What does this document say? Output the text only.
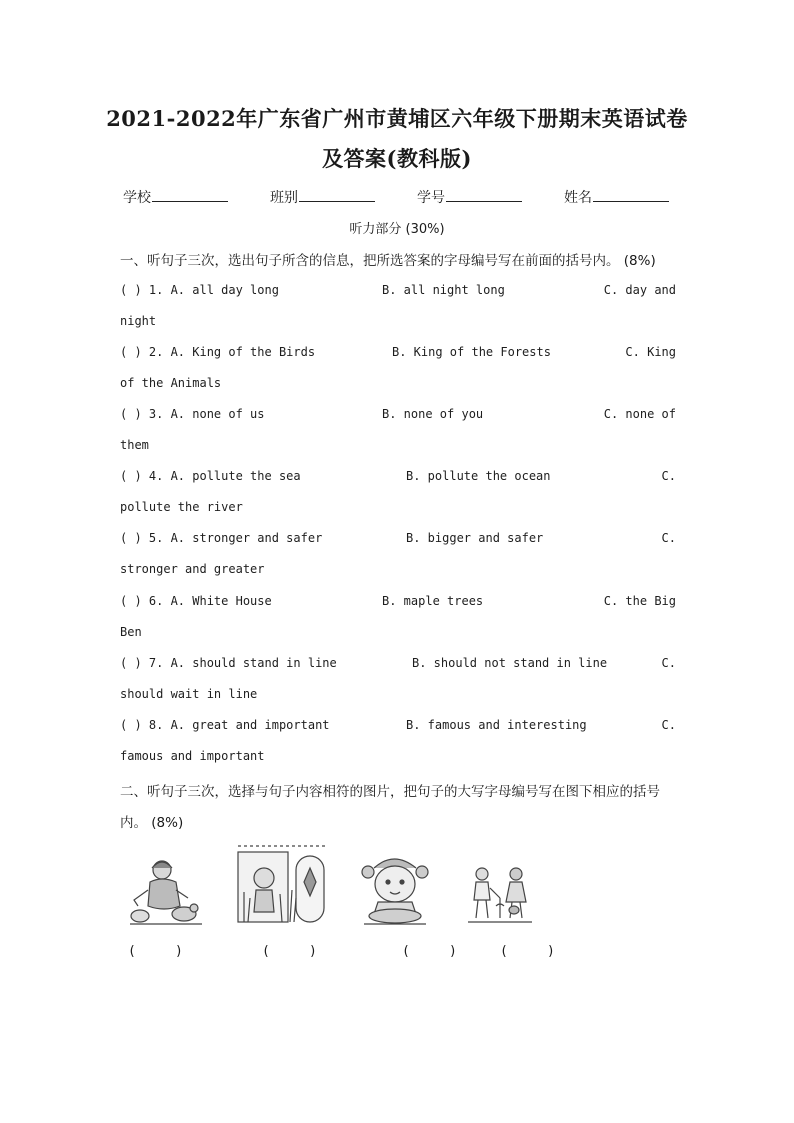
2021-2022年广东省广州市黄埔区六年级下册期末英语试卷
及答案(教科版)
学校	班别	学号	姓名
听力部分 (30%)
一、听句子三次，选出句子所含的信息，把所选答案的字母编号写在前面的括号内。 (8%)
( ) 1. A. all day long	B. all night long	C. day and
night
( ) 2. A. King of the Birds	B. King of the Forests	C. King
of the Animals
( ) 3. A. none of us	B. none of you	C. none of
them
( ) 4. A. pollute the sea	B. pollute the ocean	C.
pollute the river
( ) 5. A. stronger and safer	B. bigger and safer	C.
stronger and greater
( ) 6. A. White House	B. maple trees	C. the Big
Ben
( ) 7. A. should stand in line	B. should not stand in line	C.
should wait in line
( ) 8. A. great and important	B. famous and interesting	C.
famous and important
二、听句子三次，选择与句子内容相符的图片，把句子的大写字母编号写在图下相应的括号
内。 (8%)
(     )	(     )	(     )	(     )
